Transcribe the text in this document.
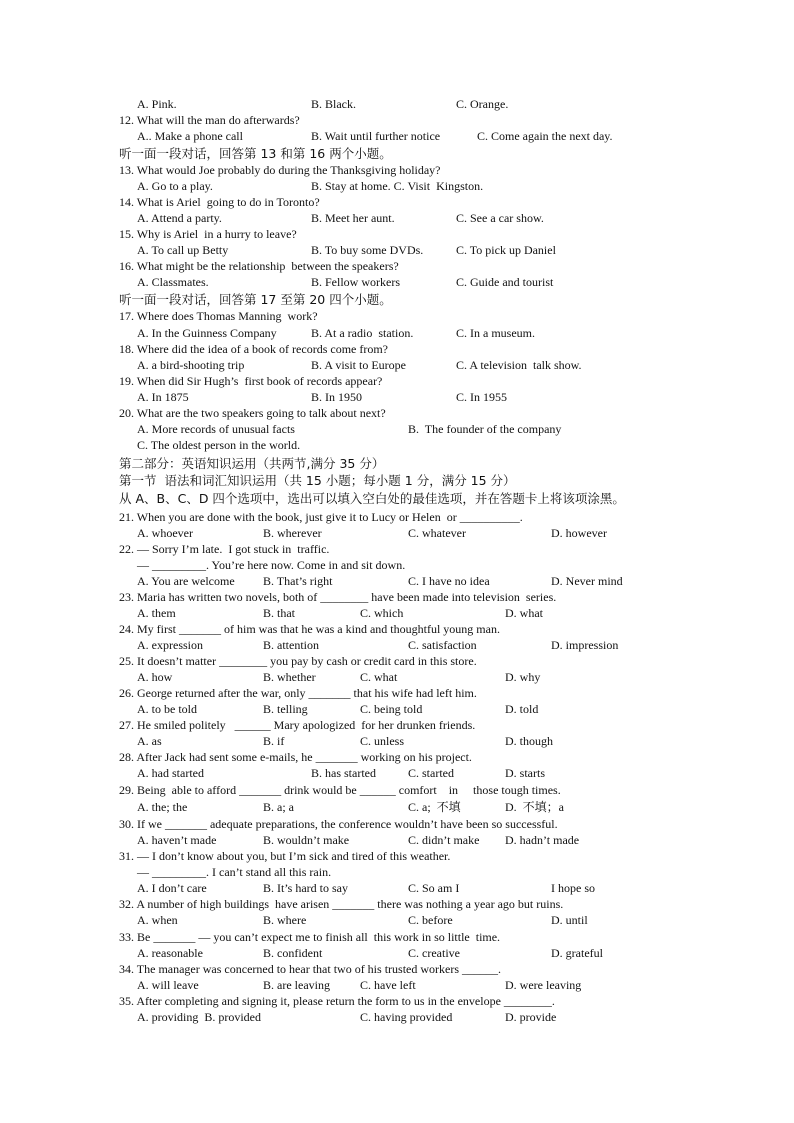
A. Pink.	B. Black.	C. Orange.
12. What will the man do afterwards?
A.. Make a phone call	B. Wait until further notice	C. Come again the next day.
听一面一段对话，回答第 13 和第 16 两个小题。
13. What would Joe probably do during the Thanksgiving holiday?
A. Go to a play.	B. Stay at home. C. Visit  Kingston.
14. What is Ariel  going to do in Toronto?
A. Attend a party.	B. Meet her aunt.	C. See a car show.
15. Why is Ariel  in a hurry to leave?
A. To call up Betty	B. To buy some DVDs.	C. To pick up Daniel
16. What might be the relationship  between the speakers?
A. Classmates.	B. Fellow workers	C. Guide and tourist
听一面一段对话，回答第 17 至第 20 四个小题。
17. Where does Thomas Manning  work?
A. In the Guinness Company	B. At a radio  station.	C. In a museum.
18. Where did the idea of a book of records come from?
A. a bird-shooting trip	B. A visit to Europe	C. A television  talk show.
19. When did Sir Hugh’s  first book of records appear?
A. In 1875	B. In 1950	C. In 1955
20. What are the two speakers going to talk about next?
A. More records of unusual facts	B.  The founder of the company
C. The oldest person in the world.
第二部分：英语知识运用（共两节,满分 35 分）
第一节  语法和词汇知识运用（共 15 小题；每小题 1 分，满分 15 分）
从 A、B、C、D 四个选项中，选出可以填入空白处的最佳选项，并在答题卡上将该项涂黑。
21. When you are done with the book, just give it to Lucy or Helen  or __________.
A. whoever	B. wherever	C. whatever	D. however
22. — Sorry I’m late.  I got stuck in  traffic.
— _________. You’re here now. Come in and sit down.
A. You are welcome B. That’s right	C. I have no idea	D. Never mind
23. Maria has written two novels, both of ________ have been made into television  series.
A. them	B. that	C. which	D. what
24. My first _______ of him was that he was a kind and thoughtful young man.
A. expression	B. attention	C. satisfaction	D. impression
25. It doesn’t matter ________ you pay by cash or credit card in this store.
A. how	B. whether	C. what	D. why
26. George returned after the war, only _______ that his wife had left him.
A. to be told	B. telling	C. being told	D. told
27. He smiled politely   ______ Mary apologized  for her drunken friends.
A. as	B. if	C. unless	D. though
28. After Jack had sent some e-mails, he _______ working on his project.
A. had started	B. has started	C. started	D. starts
29. Being  able to afford _______ drink would be ______ comfort    in     those tough times.
A. the; the	B. a; a	C. a;  不填	D.  不填；a
30. If we _______ adequate preparations, the conference wouldn’t have been so successful.
A. haven’t made	B. wouldn’t make	C. didn’t make D. hadn’t made
31. — I don’t know about you, but I’m sick and tired of this weather.
— _________. I can’t stand all this rain.
A. I don’t care	B. It’s hard to say	C. So am I	I hope so
32. A number of high buildings  have arisen _______ there was nothing a year ago but ruins.
A. when	B. where	C. before	D. until
33. Be _______ — you can’t expect me to finish all  this work in so little  time.
A. reasonable	B. confident	C. creative	D. grateful
34. The manager was concerned to hear that two of his trusted workers ______.
A. will leave	B. are leaving	C. have left	D. were leaving
35. After completing and signing it, please return the form to us in the envelope ________.
A. providing  B. provided	C. having provided	D. provide
